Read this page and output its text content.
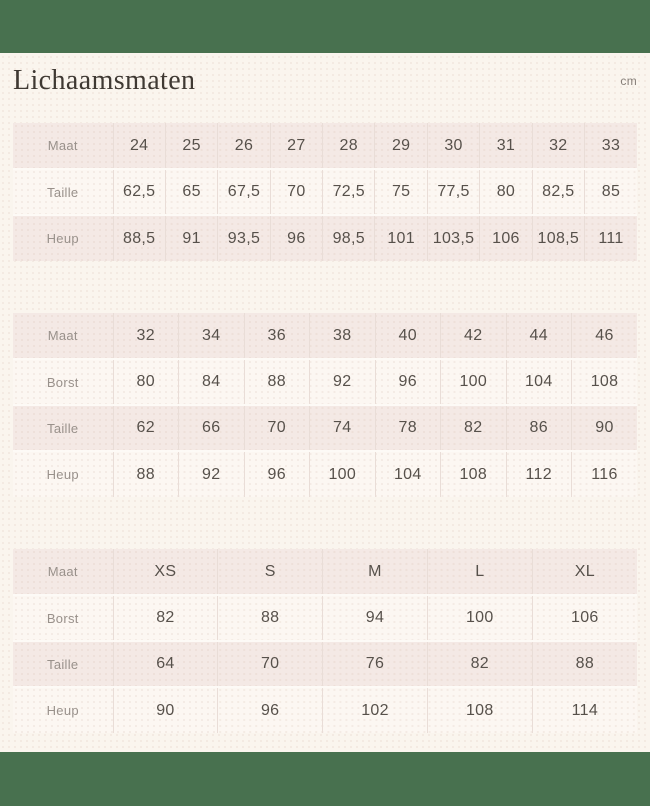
Lichaamsmaten	cm
Maat	24	25	26	27	28	29	30	31	32	33
Taille	62,5	65	67,5	70	72,5	75	77,5	80	82,5	85
Heup	88,5	91	93,5	96	98,5	101	103,5	106	108,5	111
Maat	32	34	36	38	40	42	44	46
Borst	80	84	88	92	96	100	104	108
Taille	62	66	70	74	78	82	86	90
Heup	88	92	96	100	104	108	112	116
Maat	XS	S	M	L	XL
Borst	82	88	94	100	106
Taille	64	70	76	82	88
Heup	90	96	102	108	114
